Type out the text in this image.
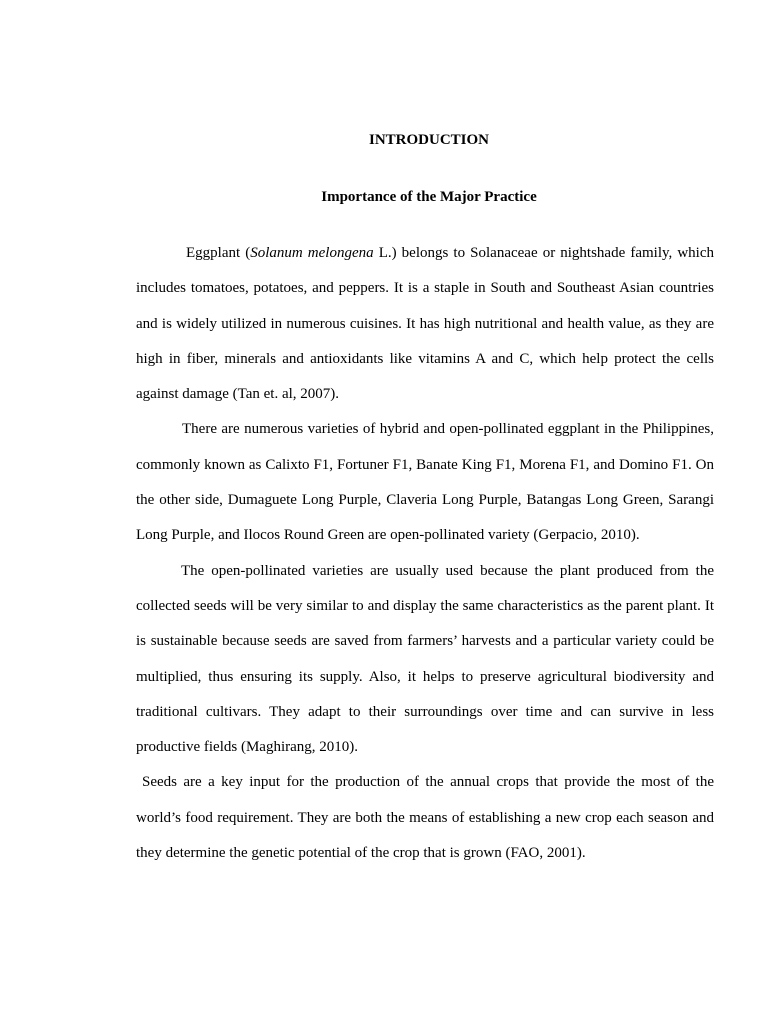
INTRODUCTION
Importance of the Major Practice

Eggplant (Solanum melongena L.) belongs to Solanaceae or nightshade family, which includes tomatoes, potatoes, and peppers. It is a staple in South and Southeast Asian countries and is widely utilized in numerous cuisines. It has high nutritional and health value, as they are high in fiber, minerals and antioxidants like vitamins A and C, which help protect the cells against damage (Tan et. al, 2007).

There are numerous varieties of hybrid and open-pollinated eggplant in the Philippines, commonly known as Calixto F1, Fortuner F1, Banate King F1, Morena F1, and Domino F1. On the other side, Dumaguete Long Purple, Claveria Long Purple, Batangas Long Green, Sarangi Long Purple, and Ilocos Round Green are open-pollinated variety (Gerpacio, 2010).

The open-pollinated varieties are usually used because the plant produced from the collected seeds will be very similar to and display the same characteristics as the parent plant. It is sustainable because seeds are saved from farmers’ harvests and a particular variety could be multiplied, thus ensuring its supply. Also, it helps to preserve agricultural biodiversity and traditional cultivars. They adapt to their surroundings over time and can survive in less productive fields (Maghirang, 2010).

Seeds are a key input for the production of the annual crops that provide the most of the world’s food requirement. They are both the means of establishing a new crop each season and they determine the genetic potential of the crop that is grown (FAO, 2001).
